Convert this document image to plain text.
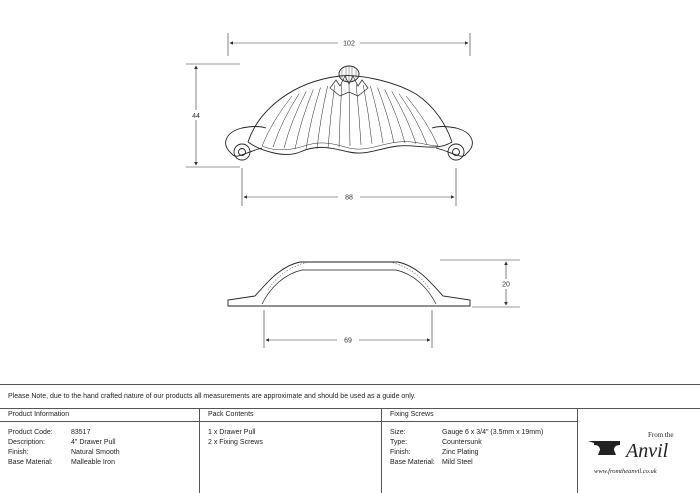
102
44
88
20
69
Please Note, due to the hand crafted nature of our products all measurements are approximate and should be used as a guide only.
Product Information
Product Code:	83517
Description:	4" Drawer Pull
Finish:	Natural Smooth
Base Material:	Malleable Iron
Pack Contents
1 x Drawer Pull
2 x Fixing Screws
Fixing Screws
Size:	Gauge 6 x 3/4" (3.5mm x 19mm)
Type:	Countersunk
Finish:	Zinc Plating
Base Material:	Mild Steel
From the
Anvil
www.fromtheanvil.co.uk
